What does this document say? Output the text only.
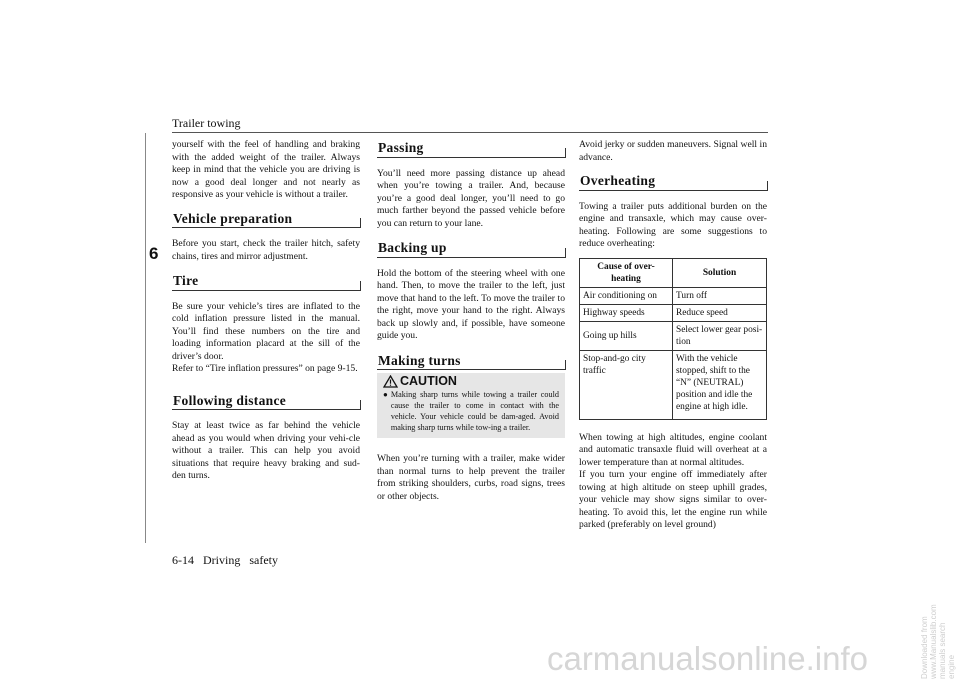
Trailer towing
6

yourself with the feel of handling and braking with the added weight of the trailer. Always keep in mind that the vehicle you are driving is now a good deal longer and not nearly as responsive as your vehicle is without a trailer.

Vehicle preparation

Before you start, check the trailer hitch, safety chains, tires and mirror adjustment.

Tire

Be sure your vehicle’s tires are inflated to the cold inflation pressure listed in the manual. You’ll find these numbers on the tire and loading information placard at the sill of the driver’s door.

Refer to “Tire inflation pressures” on page 9-15.

Following distance

Stay at least twice as far behind the vehicle ahead as you would when driving your vehi-cle without a trailer. This can help you avoid situations that require heavy braking and sud-den turns.

Passing

You’ll need more passing distance up ahead when you’re towing a trailer. And, because you’re a good deal longer, you’ll need to go much farther beyond the passed vehicle before you can return to your lane.

Backing up

Hold the bottom of the steering wheel with one hand. Then, to move the trailer to the left, just move that hand to the left. To move the trailer to the right, move your hand to the right. Always back up slowly and, if possible, have someone guide you.

Making turns
CAUTION
● Making sharp turns while towing a trailer could cause the trailer to come in contact with the vehicle. Your vehicle could be dam-aged. Avoid making sharp turns while tow-ing a trailer.

When you’re turning with a trailer, make wider than normal turns to help prevent the trailer from striking shoulders, curbs, road signs, trees or other objects.

Avoid jerky or sudden maneuvers. Signal well in advance.

Overheating

Towing a trailer puts additional burden on the engine and transaxle, which may cause over-heating. Following are some suggestions to reduce overheating:

Cause of over-heating	Solution
Air conditioning on	Turn off
Highway speeds	Reduce speed
Going up hills	Select lower gear posi-tion
Stop-and-go city traffic	With the vehicle stopped, shift to the “N” (NEUTRAL) position and idle the engine at high idle.

When towing at high altitudes, engine coolant and automatic transaxle fluid will overheat at a lower temperature than at normal altitudes.

If you turn your engine off immediately after towing at high altitude on steep uphill grades, your vehicle may show signs similar to over-heating. To avoid this, let the engine run while parked (preferably on level ground)

6-14 Driving safety
carmanualsonline.info	Downloaded from www.Manualslib.com manuals search engine
